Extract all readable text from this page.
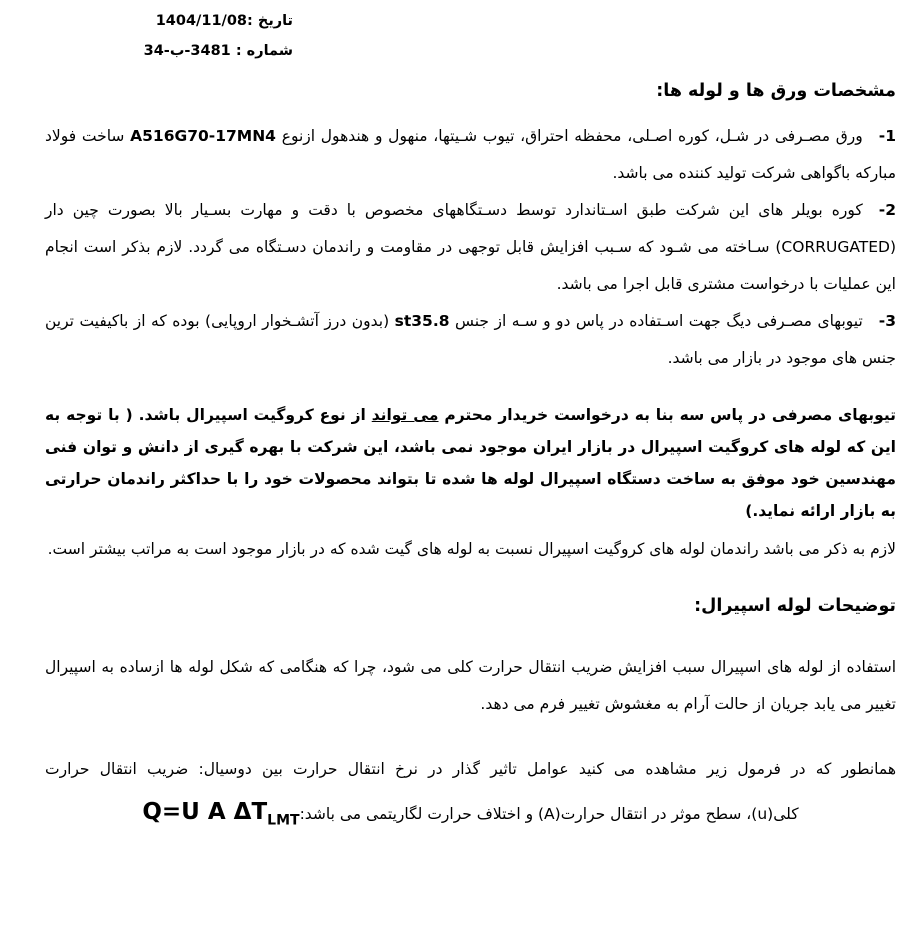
تاریخ :1404/11/08
شماره : 3481-ب-34
مشخصات ورق ها و لوله ها:
1-ورق مصـرفی در شـل، کوره اصـلی، محفظه احتراق، تیوب شـیتها، منهول و هندهول ازنوع A516G70-17MN4 ساخت فولاد مبارکه باگواهی شرکت تولید کننده می باشد.
2-کوره بویلر های این شرکت طبق اسـتاندارد توسط دسـتگاههای مخصوص با دقت و مهارت بسـیار بالا بصورت چین دار (CORRUGATED) سـاخته می شـود که سـبب افزایش قابل توجهی در مقاومت و راندمان دسـتگاه می گردد. لازم بذکر است انجام این عملیات با درخواست مشتری قابل اجرا می باشد.
3-تیوبهای مصـرفی دیگ جهت اسـتفاده در پاس دو و سـه از جنس st35.8 (بدون درز آتشـخوار اروپایی) بوده که از باکیفیت ترین جنس های موجود در بازار می باشد.
تیوبهای مصرفی در پاس سه بنا به درخواست خریدار محترم می تواند از نوع کروگیت اسپیرال باشد. ( با توجه به این که لوله های کروگیت اسپیرال در بازار ایران موجود نمی باشد، این شرکت با بهره گیری از دانش و توان فنی مهندسین خود موفق به ساخت دستگاه اسپیرال لوله ها شده تا بتواند محصولات خود را با حداکثر راندمان حرارتی به بازار ارائه نماید.)
لازم به ذکر می باشد راندمان لوله های کروگیت اسپیرال نسبت به لوله های گیت شده که در بازار موجود است به مراتب بیشتر است.
توضیحات لوله اسپیرال:
استفاده از لوله های اسپیرال سبب افزایش ضریب انتقال حرارت کلی می شود، چرا که هنگامی که شکل لوله ها ازساده به اسپیرال تغییر می یابد جریان از حالت آرام به مغشوش تغییر فرم می دهد.
همانطور که در فرمول زیر مشاهده می کنید عوامل تاثیر گذار در نرخ انتقال حرارت بین دوسیال: ضریب انتقال حرارت
کلی(u)، سطح موثر در انتقال حرارت(A) و اختلاف حرارت لگاریتمی می باشد:Q=U A $\Delta T_{LMT}$
